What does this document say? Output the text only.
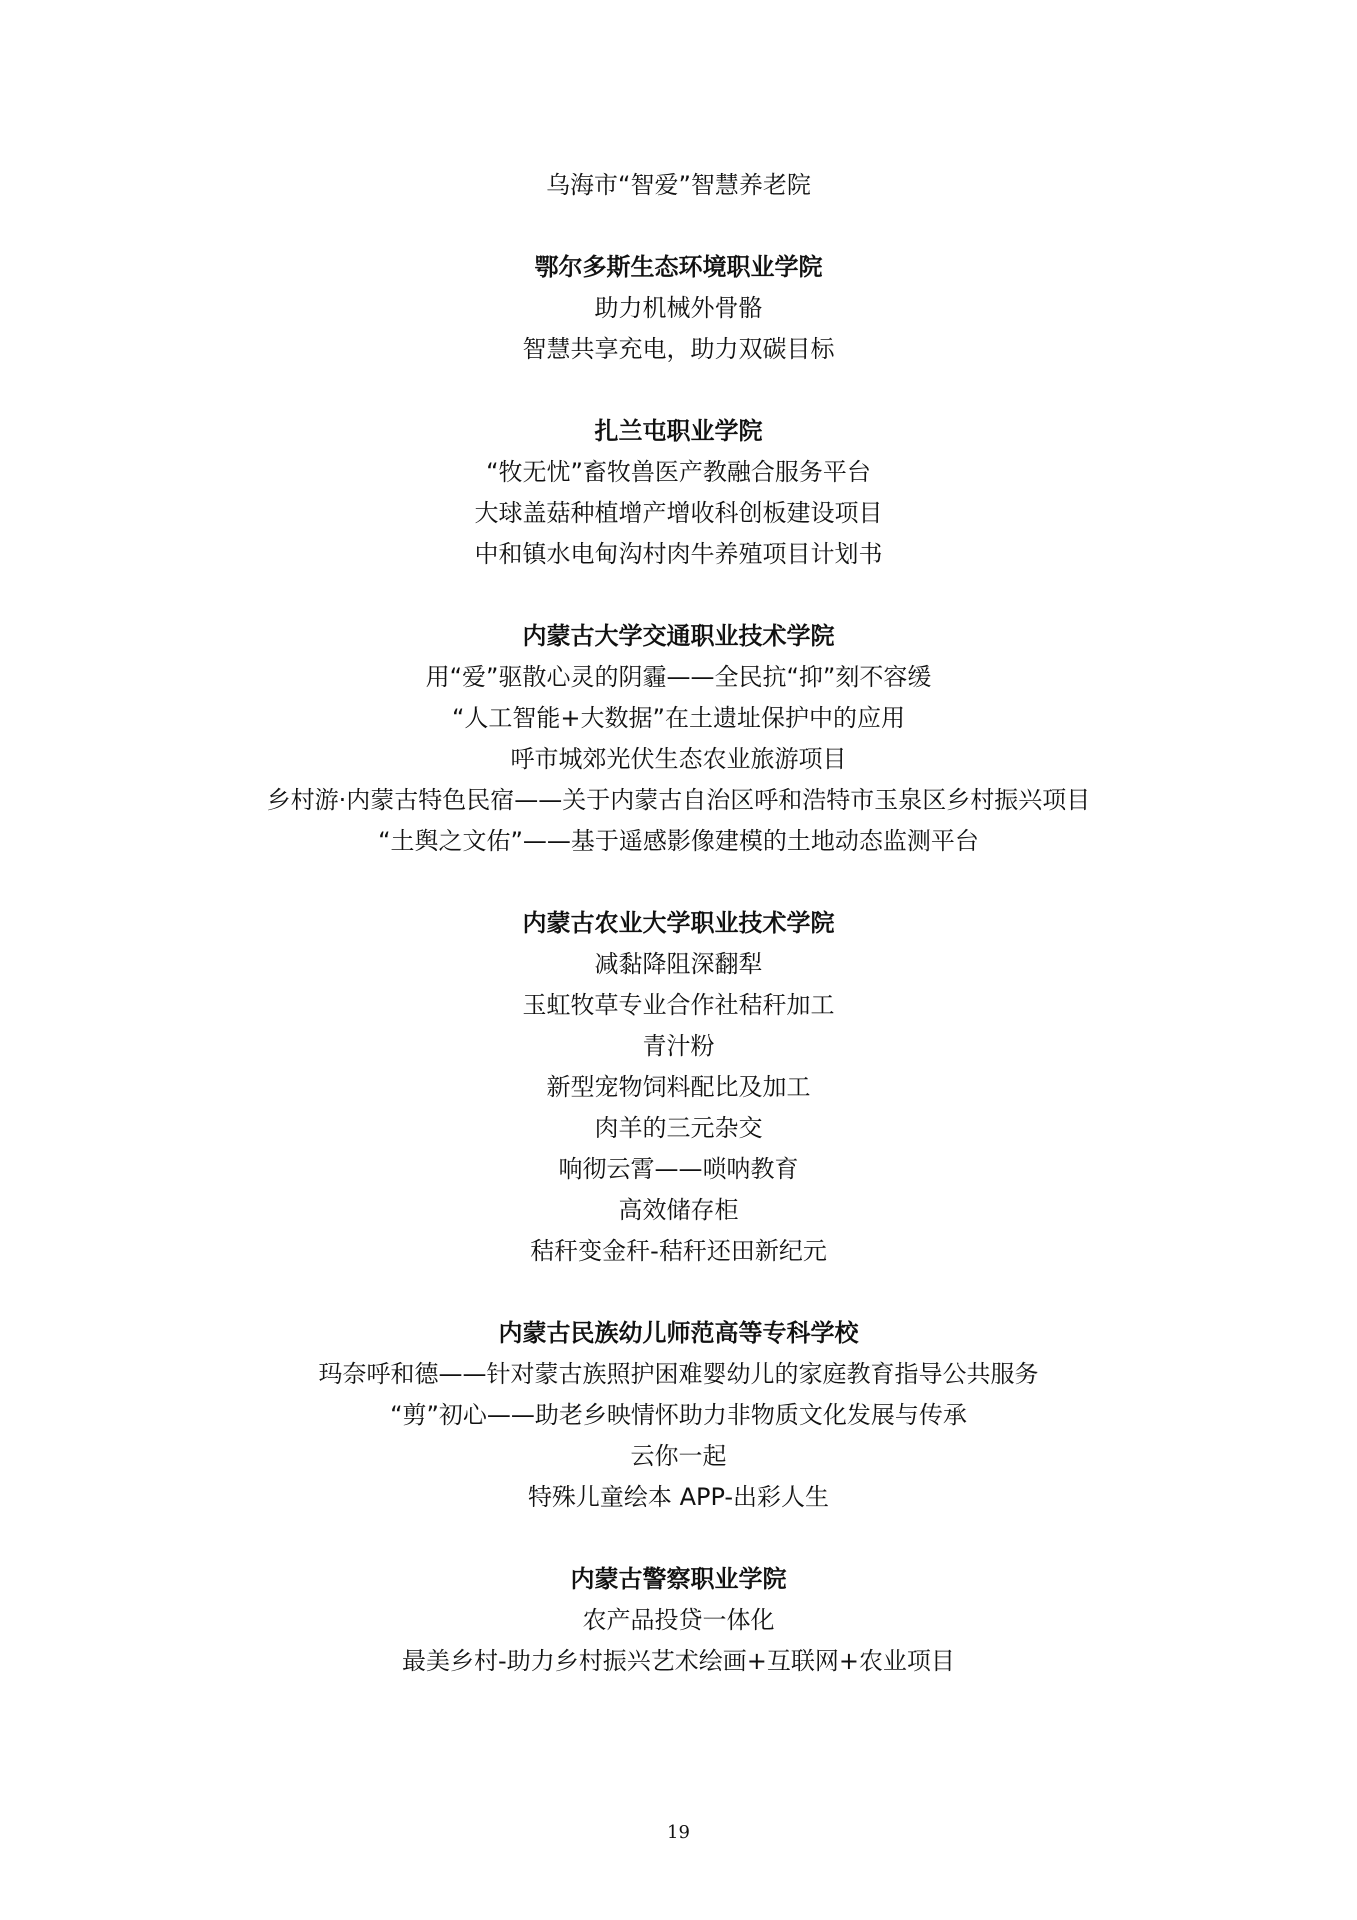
乌海市“智爱”智慧养老院
鄂尔多斯生态环境职业学院
助力机械外骨骼
智慧共享充电，助力双碳目标
扎兰屯职业学院
“牧无忧”畜牧兽医产教融合服务平台
大球盖菇种植增产增收科创板建设项目
中和镇水电甸沟村肉牛养殖项目计划书
内蒙古大学交通职业技术学院
用“爱”驱散心灵的阴霾——全民抗“抑”刻不容缓
“人工智能+大数据”在土遗址保护中的应用
呼市城郊光伏生态农业旅游项目
乡村游·内蒙古特色民宿——关于内蒙古自治区呼和浩特市玉泉区乡村振兴项目
“土舆之文佑”——基于遥感影像建模的土地动态监测平台
内蒙古农业大学职业技术学院
减黏降阻深翻犁
玉虹牧草专业合作社秸秆加工
青汁粉
新型宠物饲料配比及加工
肉羊的三元杂交
响彻云霄——唢呐教育
高效储存柜
秸秆变金秆-秸秆还田新纪元
内蒙古民族幼儿师范高等专科学校
玛奈呼和德——针对蒙古族照护困难婴幼儿的家庭教育指导公共服务
“剪”初心——助老乡映情怀助力非物质文化发展与传承
云你一起
特殊儿童绘本 APP-出彩人生
内蒙古警察职业学院
农产品投贷一体化
最美乡村-助力乡村振兴艺术绘画+互联网+农业项目
19
